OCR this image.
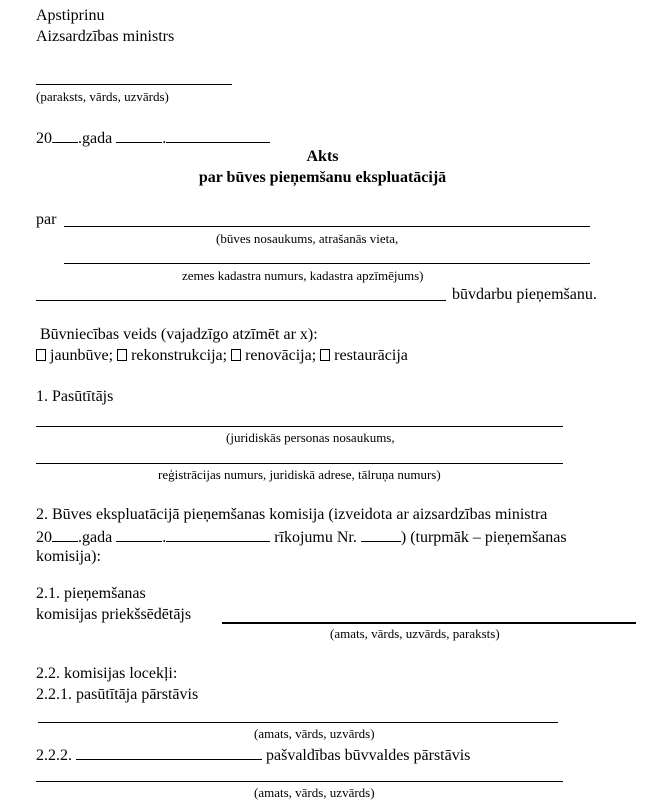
Apstiprinu
Aizsardzības ministrs
(paraksts, vārds, uzvārds)
20 .gada	.
Akts
par būves pieņemšanu ekspluatācijā
par
(būves nosaukums, atrašanās vieta,
zemes kadastra numurs, kadastra apzīmējums)
būvdarbu pieņemšanu.
Būvniecības veids (vajadzīgo atzīmēt ar x):
jaunbūve; rekonstrukcija; renovācija; restaurācija
1. Pasūtītājs
(juridiskās personas nosaukums,
reģistrācijas numurs, juridiskā adrese, tālruņa numurs)
2. Būves ekspluatācijā pieņemšanas komisija (izveidota ar aizsardzības ministra
20 .gada	.	rīkojumu Nr.	) (turpmāk – pieņemšanas
komisija):
2.1. pieņemšanas
komisijas priekšsēdētājs
(amats, vārds, uzvārds, paraksts)
2.2. komisijas locekļi:
2.2.1. pasūtītāja pārstāvis
(amats, vārds, uzvārds)
2.2.2.	pašvaldības būvvaldes pārstāvis
(amats, vārds, uzvārds)
